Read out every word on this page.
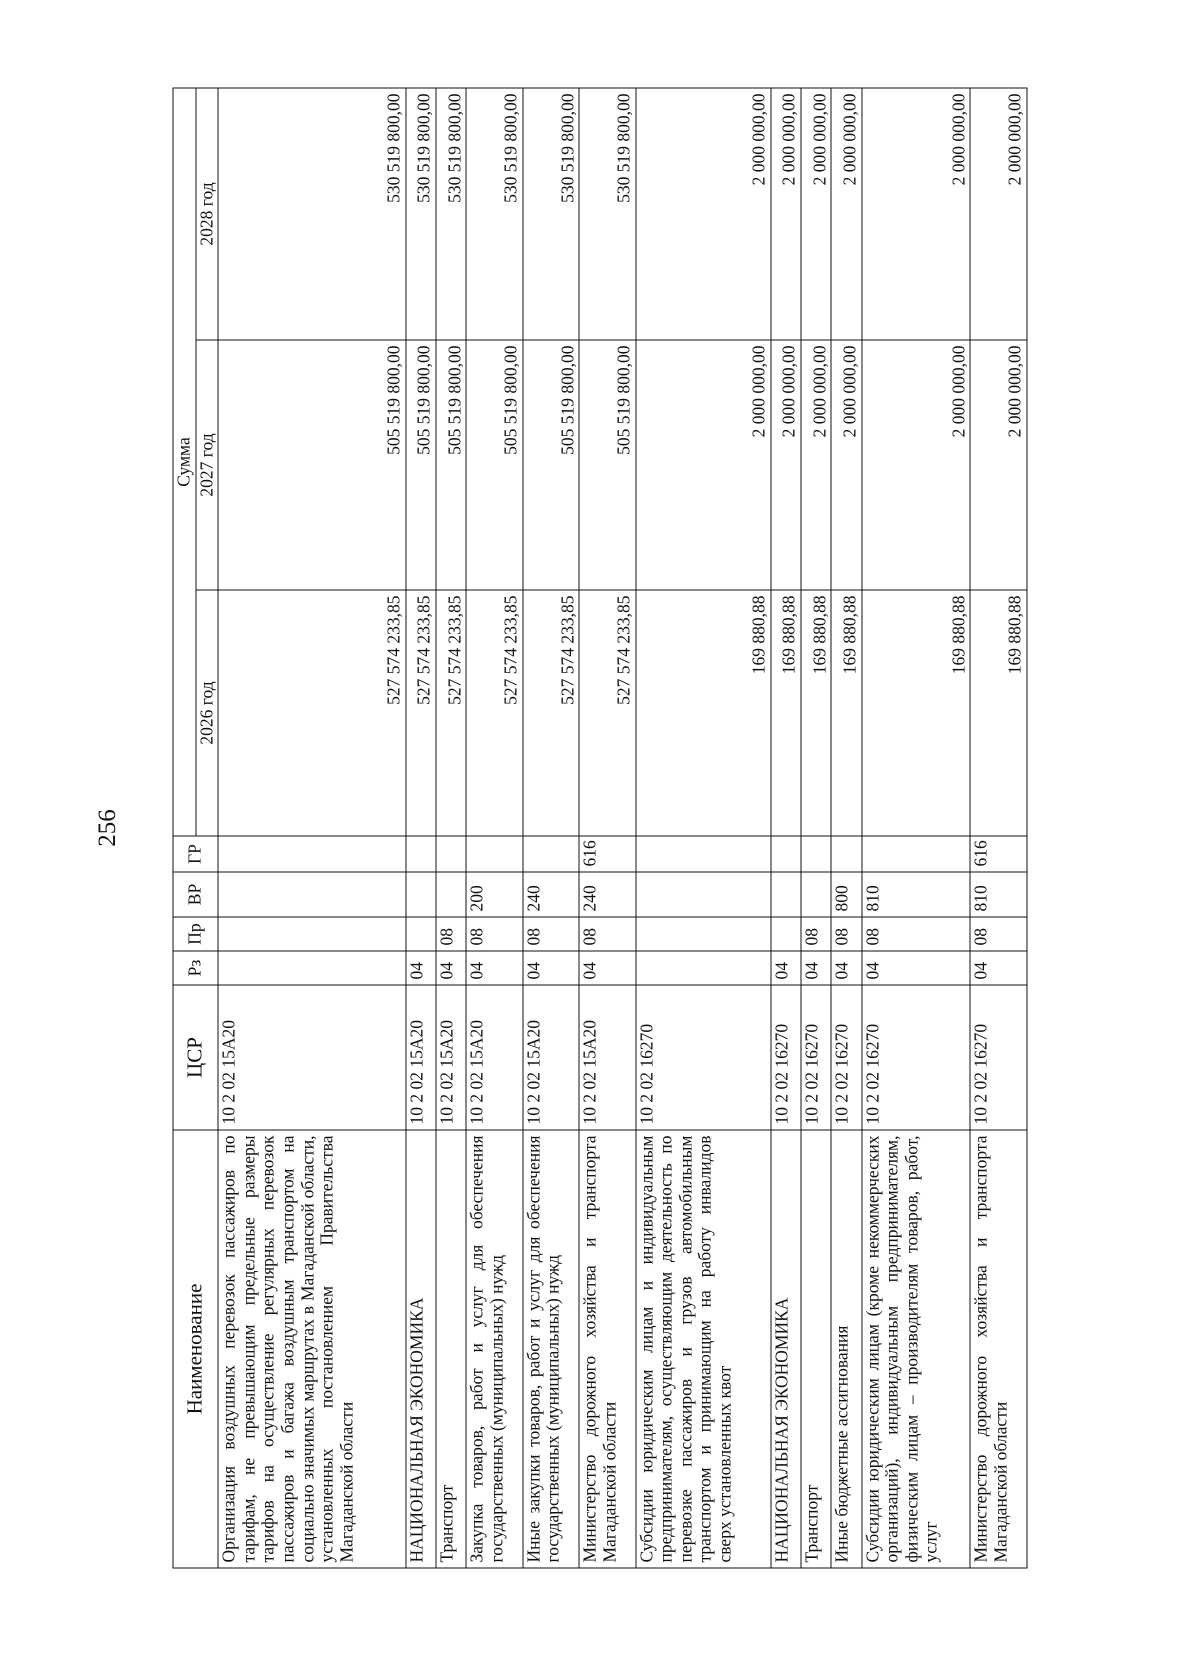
256
Наименование	ЦСР	Рз	Пр	ВР	ГР	Сумма		
						2026 год	2027 год	2028 год
Организация воздушных перевозок пассажиров по тарифам, не превышающим предельные размеры тарифов на осуществление регулярных перевозок пассажиров и багажа воздушным транспортом на социально значимых маршрутах в Магаданской области, установленных постановлением Правительства Магаданской области	10 2 02 15А20					527 574 233,85	505 519 800,00	530 519 800,00
НАЦИОНАЛЬНАЯ ЭКОНОМИКА	10 2 02 15А20	04				527 574 233,85	505 519 800,00	530 519 800,00
Транспорт	10 2 02 15А20	04	08			527 574 233,85	505 519 800,00	530 519 800,00
Закупка товаров, работ и услуг для обеспечения государственных (муниципальных) нужд	10 2 02 15А20	04	08	200		527 574 233,85	505 519 800,00	530 519 800,00
Иные закупки товаров, работ и услуг для обеспечения государственных (муниципальных) нужд	10 2 02 15А20	04	08	240		527 574 233,85	505 519 800,00	530 519 800,00
Министерство дорожного хозяйства и транспорта Магаданской области	10 2 02 15А20	04	08	240	616	527 574 233,85	505 519 800,00	530 519 800,00
Субсидии юридическим лицам и индивидуальным предпринимателям, осуществляющим деятельность по перевозке пассажиров и грузов автомобильным транспортом и принимающим на работу инвалидов сверх установленных квот	10 2 02 16270					169 880,88	2 000 000,00	2 000 000,00
НАЦИОНАЛЬНАЯ ЭКОНОМИКА	10 2 02 16270	04				169 880,88	2 000 000,00	2 000 000,00
Транспорт	10 2 02 16270	04	08			169 880,88	2 000 000,00	2 000 000,00
Иные бюджетные ассигнования	10 2 02 16270	04	08	800		169 880,88	2 000 000,00	2 000 000,00
Субсидии юридическим лицам (кроме некоммерческих организаций), индивидуальным предпринимателям, физическим лицам – производителям товаров, работ, услуг	10 2 02 16270	04	08	810		169 880,88	2 000 000,00	2 000 000,00
Министерство дорожного хозяйства и транспорта Магаданской области	10 2 02 16270	04	08	810	616	169 880,88	2 000 000,00	2 000 000,00
